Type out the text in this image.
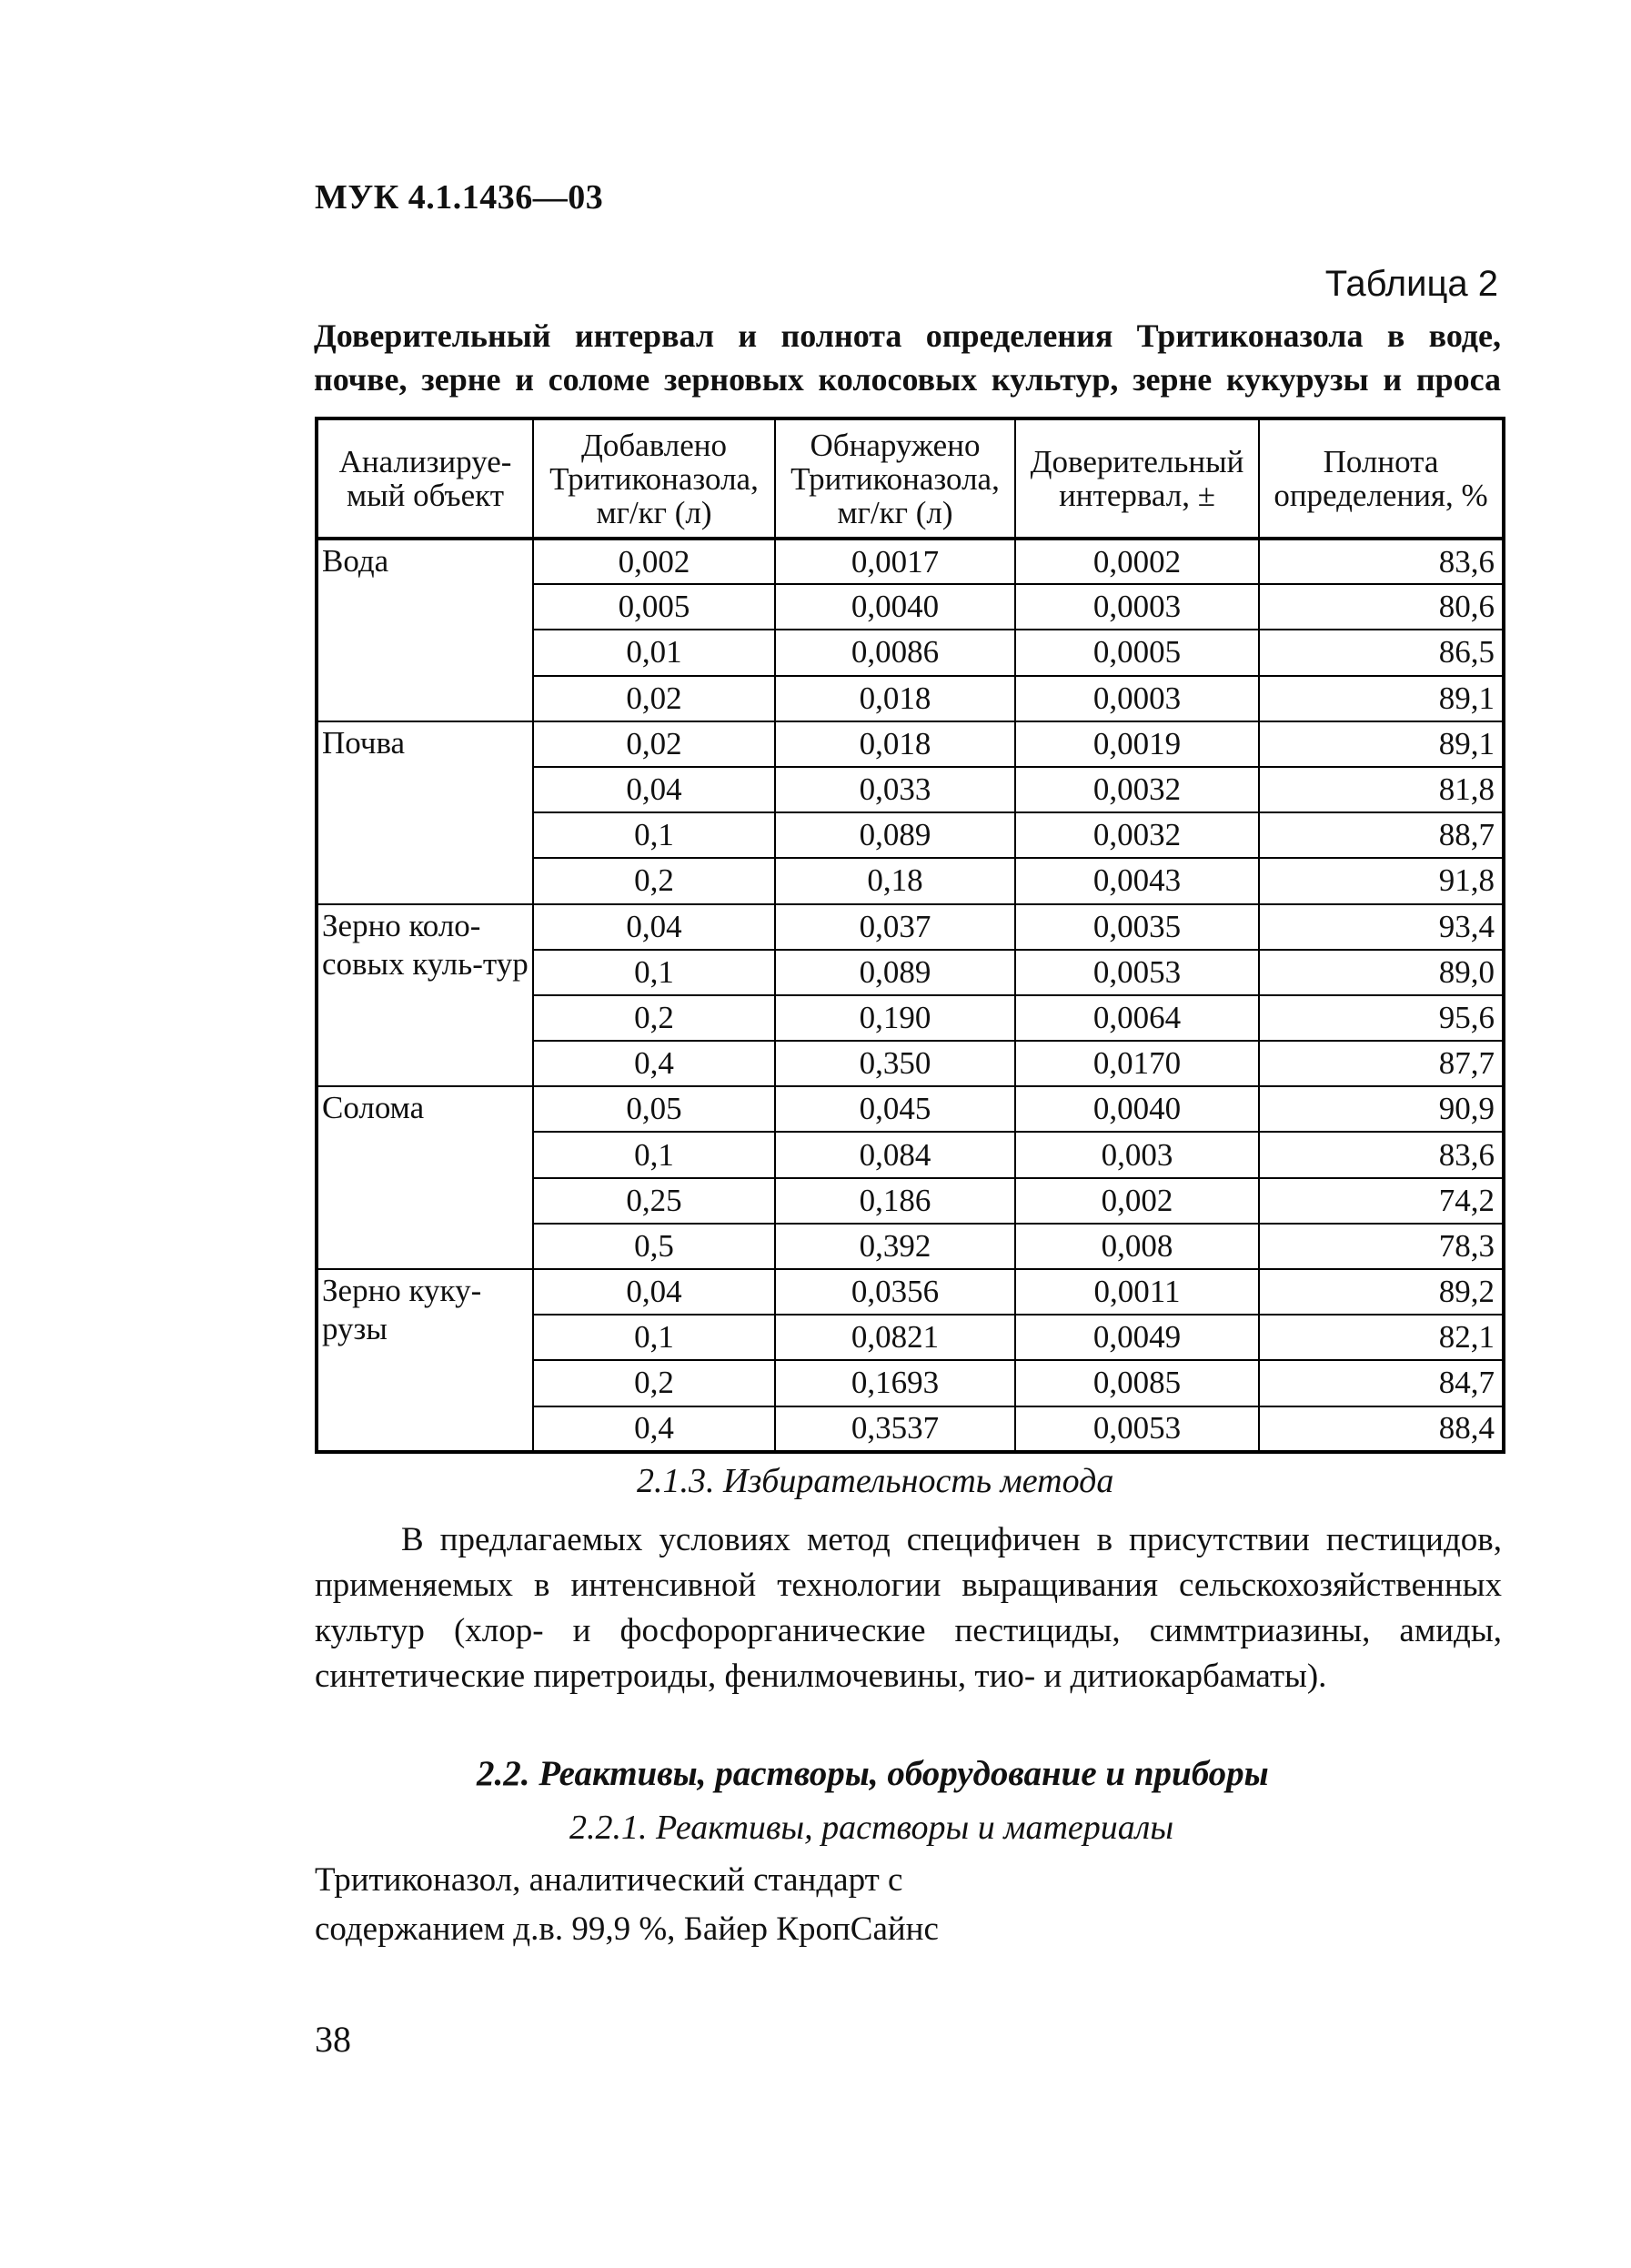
МУК 4.1.1436—03
Таблица 2
Доверительный интервал и полнота определения Тритиконазола в воде,
почве, зерне и соломе зерновых колосовых культур, зерне кукурузы и проса
Анализируе-мый объект	Добавлено Тритиконазола, мг/кг (л)	Обнаружено Тритиконазола, мг/кг (л)	Доверительный интервал, ±	Полнота определения, %
Вода	0,002	0,0017	0,0002	83,6
	0,005	0,0040	0,0003	80,6
	0,01	0,0086	0,0005	86,5
	0,02	0,018	0,0003	89,1
Почва	0,02	0,018	0,0019	89,1
	0,04	0,033	0,0032	81,8
	0,1	0,089	0,0032	88,7
	0,2	0,18	0,0043	91,8
Зерно коло-совых куль-тур	0,04	0,037	0,0035	93,4
	0,1	0,089	0,0053	89,0
	0,2	0,190	0,0064	95,6
	0,4	0,350	0,0170	87,7
Солома	0,05	0,045	0,0040	90,9
	0,1	0,084	0,003	83,6
	0,25	0,186	0,002	74,2
	0,5	0,392	0,008	78,3
Зерно куку-рузы	0,04	0,0356	0,0011	89,2
	0,1	0,0821	0,0049	82,1
	0,2	0,1693	0,0085	84,7
	0,4	0,3537	0,0053	88,4
2.1.3. Избирательность метода

В предлагаемых условиях метод специфичен в присутствии пестицидов, применяемых в интенсивной технологии выращивания сельскохозяйственных культур (хлор- и фосфорорганические пестициды, симмтриазины, амиды, синтетические пиретроиды, фенилмочевины, тио- и дитиокарбаматы).

2.2. Реактивы, растворы, оборудование и приборы
2.2.1. Реактивы, растворы и материалы
Тритиконазол, аналитический стандарт с
содержанием д.в. 99,9 %, Байер КропСайнс
38
